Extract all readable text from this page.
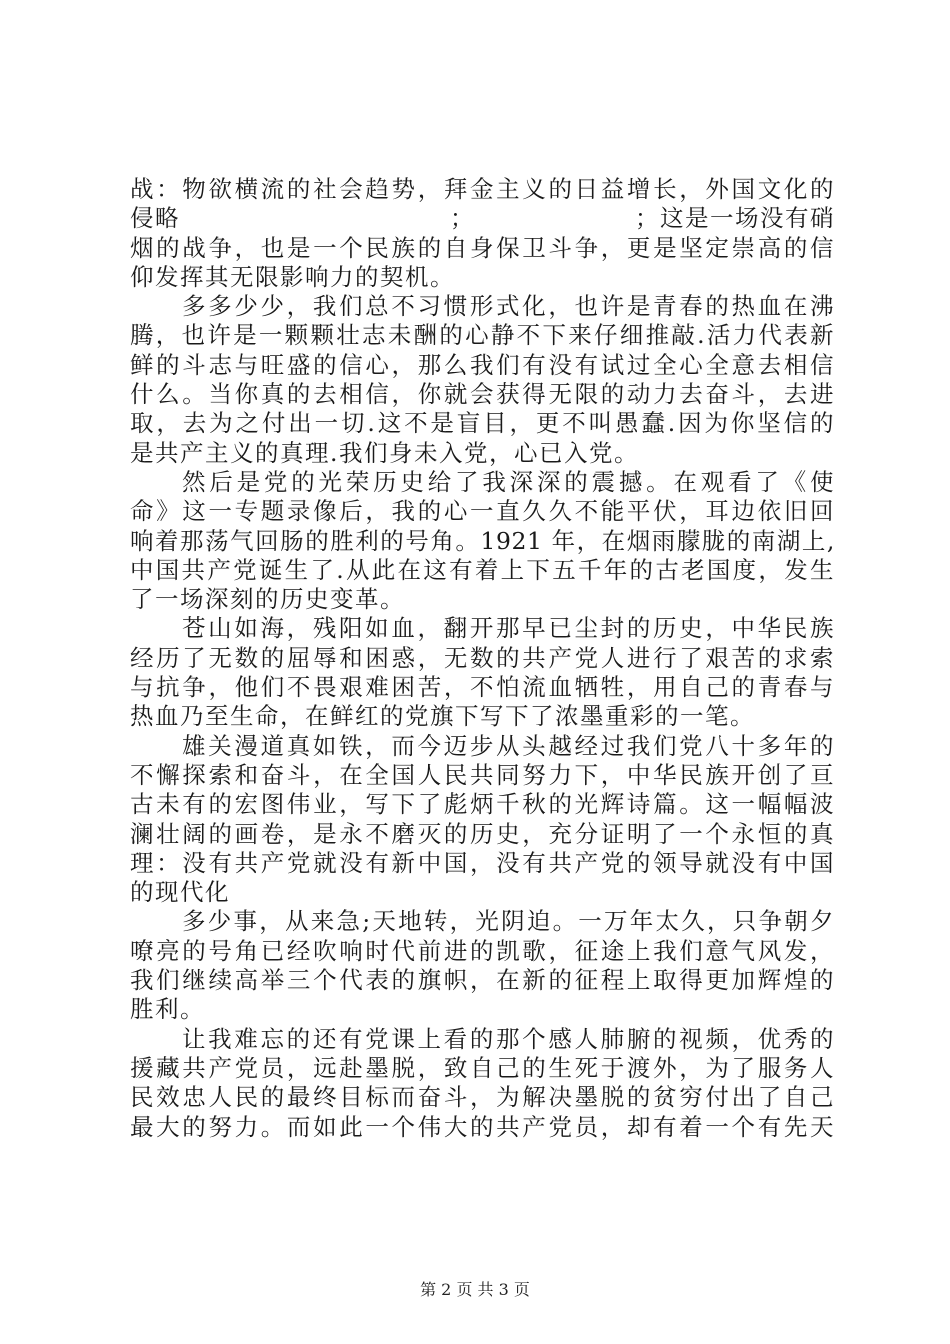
战：物欲横流的社会趋势，拜金主义的日益增长，外国文化的
侵略	；	；这是一场没有硝
烟的战争，也是一个民族的自身保卫斗争，更是坚定崇高的信
仰发挥其无限影响力的契机。
多多少少，我们总不习惯形式化，也许是青春的热血在沸
腾，也许是一颗颗壮志未酬的心静不下来仔细推敲.活力代表新
鲜的斗志与旺盛的信心，那么我们有没有试过全心全意去相信
什么。当你真的去相信，你就会获得无限的动力去奋斗，去进
取，去为之付出一切.这不是盲目，更不叫愚蠢.因为你坚信的
是共产主义的真理.我们身未入党，心已入党。
然后是党的光荣历史给了我深深的震撼。在观看了《使
命》这一专题录像后，我的心一直久久不能平伏，耳边依旧回
响着那荡气回肠的胜利的号角。1921 年，在烟雨朦胧的南湖上,
中国共产党诞生了.从此在这有着上下五千年的古老国度，发生
了一场深刻的历史变革。
苍山如海，残阳如血，翻开那早已尘封的历史，中华民族
经历了无数的屈辱和困惑，无数的共产党人进行了艰苦的求索
与抗争，他们不畏艰难困苦，不怕流血牺牲，用自己的青春与
热血乃至生命，在鲜红的党旗下写下了浓墨重彩的一笔。
雄关漫道真如铁，而今迈步从头越经过我们党八十多年的
不懈探索和奋斗，在全国人民共同努力下，中华民族开创了亘
古未有的宏图伟业，写下了彪炳千秋的光辉诗篇。这一幅幅波
澜壮阔的画卷，是永不磨灭的历史，充分证明了一个永恒的真
理：没有共产党就没有新中国，没有共产党的领导就没有中国
的现代化
多少事，从来急;天地转，光阴迫。一万年太久，只争朝夕
嘹亮的号角已经吹响时代前进的凯歌，征途上我们意气风发，
我们继续高举三个代表的旗帜，在新的征程上取得更加辉煌的
胜利。
让我难忘的还有党课上看的那个感人肺腑的视频，优秀的
援藏共产党员，远赴墨脱，致自己的生死于渡外，为了服务人
民效忠人民的最终目标而奋斗，为解决墨脱的贫穷付出了自己
最大的努力。而如此一个伟大的共产党员，却有着一个有先天
第 2 页 共 3 页
